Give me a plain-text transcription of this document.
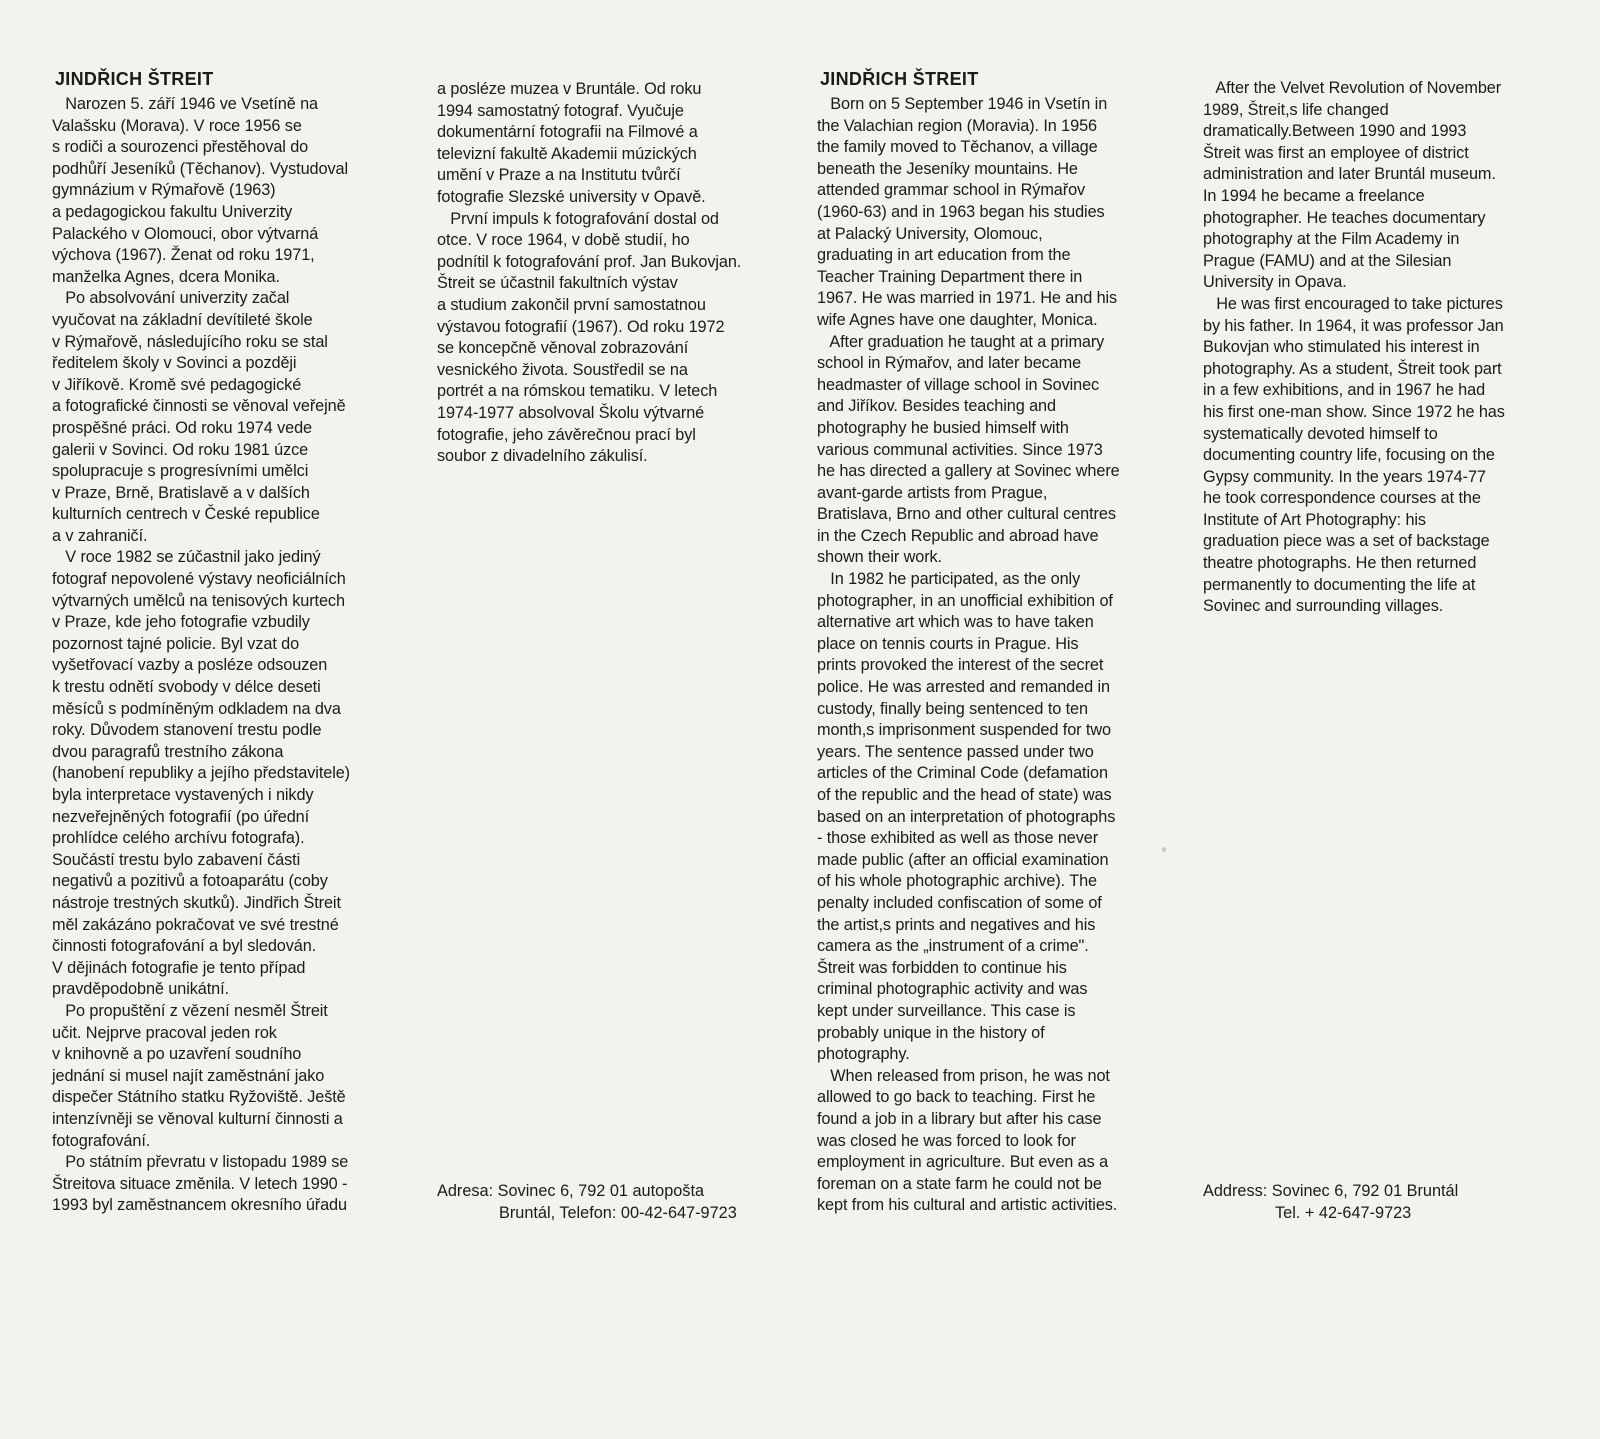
JINDŘICH ŠTREIT
Narozen 5. září 1946 ve Vsetíně na
Valašsku (Morava). V roce 1956 se
s rodiči a sourozenci přestěhoval do
podhůří Jeseníků (Těchanov). Vystudoval
gymnázium v Rýmařově (1963)
a pedagogickou fakultu Univerzity
Palackého v Olomouci, obor výtvarná
výchova (1967). Ženat od roku 1971,
manželka Agnes, dcera Monika.
Po absolvování univerzity začal
vyučovat na základní devítileté škole
v Rýmařově, následujícího roku se stal
ředitelem školy v Sovinci a později
v Jiříkově. Kromě své pedagogické
a fotografické činnosti se věnoval veřejně
prospěšné práci. Od roku 1974 vede
galerii v Sovinci. Od roku 1981 úzce
spolupracuje s progresívními umělci
v Praze, Brně, Bratislavě a v dalších
kulturních centrech v České republice
a v zahraničí.
V roce 1982 se zúčastnil jako jediný
fotograf nepovolené výstavy neoficiálních
výtvarných umělců na tenisových kurtech
v Praze, kde jeho fotografie vzbudily
pozornost tajné policie. Byl vzat do
vyšetřovací vazby a posléze odsouzen
k trestu odnětí svobody v délce deseti
měsíců s podmíněným odkladem na dva
roky. Důvodem stanovení trestu podle
dvou paragrafů trestního zákona
(hanobení republiky a jejího představitele)
byla interpretace vystavených i nikdy
nezveřejněných fotografií (po úřední
prohlídce celého archívu fotografa).
Součástí trestu bylo zabavení části
negativů a pozitivů a fotoaparátu (coby
nástroje trestných skutků). Jindřich Štreit
měl zakázáno pokračovat ve své trestné
činnosti fotografování a byl sledován.
V dějinách fotografie je tento případ
pravděpodobně unikátní.
Po propuštění z vězení nesměl Štreit
učit. Nejprve pracoval jeden rok
v knihovně a po uzavření soudního
jednání si musel najít zaměstnání jako
dispečer Státního statku Ryžoviště. Ještě
intenzívněji se věnoval kulturní činnosti a
fotografování.
Po státním převratu v listopadu 1989 se
Štreitova situace změnila. V letech 1990 -
1993 byl zaměstnancem okresního úřadu
a posléze muzea v Bruntále. Od roku
1994 samostatný fotograf. Vyučuje
dokumentární fotografii na Filmové a
televizní fakultě Akademii múzických
umění v Praze a na Institutu tvůrčí
fotografie Slezské university v Opavě.
První impuls k fotografování dostal od
otce. V roce 1964, v době studií, ho
podnítil k fotografování prof. Jan Bukovjan.
Štreit se účastnil fakultních výstav
a studium zakončil první samostatnou
výstavou fotografií (1967). Od roku 1972
se koncepčně věnoval zobrazování
vesnického života. Soustředil se na
portrét a na rómskou tematiku. V letech
1974-1977 absolvoval Školu výtvarné
fotografie, jeho závěrečnou prací byl
soubor z divadelního zákulisí.
Adresa: Sovinec 6, 792 01 autopošta
Bruntál, Telefon: 00-42-647-9723
JINDŘICH ŠTREIT
Born on 5 September 1946 in Vsetín in
the Valachian region (Moravia). In 1956
the family moved to Těchanov, a village
beneath the Jeseníky mountains. He
attended grammar school in Rýmařov
(1960-63) and in 1963 began his studies
at Palacký University, Olomouc,
graduating in art education from the
Teacher Training Department there in
1967. He was married in 1971. He and his
wife Agnes have one daughter, Monica.
After graduation he taught at a primary
school in Rýmařov, and later became
headmaster of village school in Sovinec
and Jiříkov. Besides teaching and
photography he busied himself with
various communal activities. Since 1973
he has directed a gallery at Sovinec where
avant-garde artists from Prague,
Bratislava, Brno and other cultural centres
in the Czech Republic and abroad have
shown their work.
In 1982 he participated, as the only
photographer, in an unofficial exhibition of
alternative art which was to have taken
place on tennis courts in Prague. His
prints provoked the interest of the secret
police. He was arrested and remanded in
custody, finally being sentenced to ten
month,s imprisonment suspended for two
years. The sentence passed under two
articles of the Criminal Code (defamation
of the republic and the head of state) was
based on an interpretation of photographs
- those exhibited as well as those never
made public (after an official examination
of his whole photographic archive). The
penalty included confiscation of some of
the artist,s prints and negatives and his
camera as the „instrument of a crime".
Štreit was forbidden to continue his
criminal photographic activity and was
kept under surveillance. This case is
probably unique in the history of
photography.
When released from prison, he was not
allowed to go back to teaching. First he
found a job in a library but after his case
was closed he was forced to look for
employment in agriculture. But even as a
foreman on a state farm he could not be
kept from his cultural and artistic activities.
After the Velvet Revolution of November
1989, Štreit,s life changed
dramatically.Between 1990 and 1993
Štreit was first an employee of district
administration and later Bruntál museum.
In 1994 he became a freelance
photographer. He teaches documentary
photography at the Film Academy in
Prague (FAMU) and at the Silesian
University in Opava.
He was first encouraged to take pictures
by his father. In 1964, it was professor Jan
Bukovjan who stimulated his interest in
photography. As a student, Štreit took part
in a few exhibitions, and in 1967 he had
his first one-man show. Since 1972 he has
systematically devoted himself to
documenting country life, focusing on the
Gypsy community. In the years 1974-77
he took correspondence courses at the
Institute of Art Photography: his
graduation piece was a set of backstage
theatre photographs. He then returned
permanently to documenting the life at
Sovinec and surrounding villages.
Address: Sovinec 6, 792 01 Bruntál
Tel. + 42-647-9723
